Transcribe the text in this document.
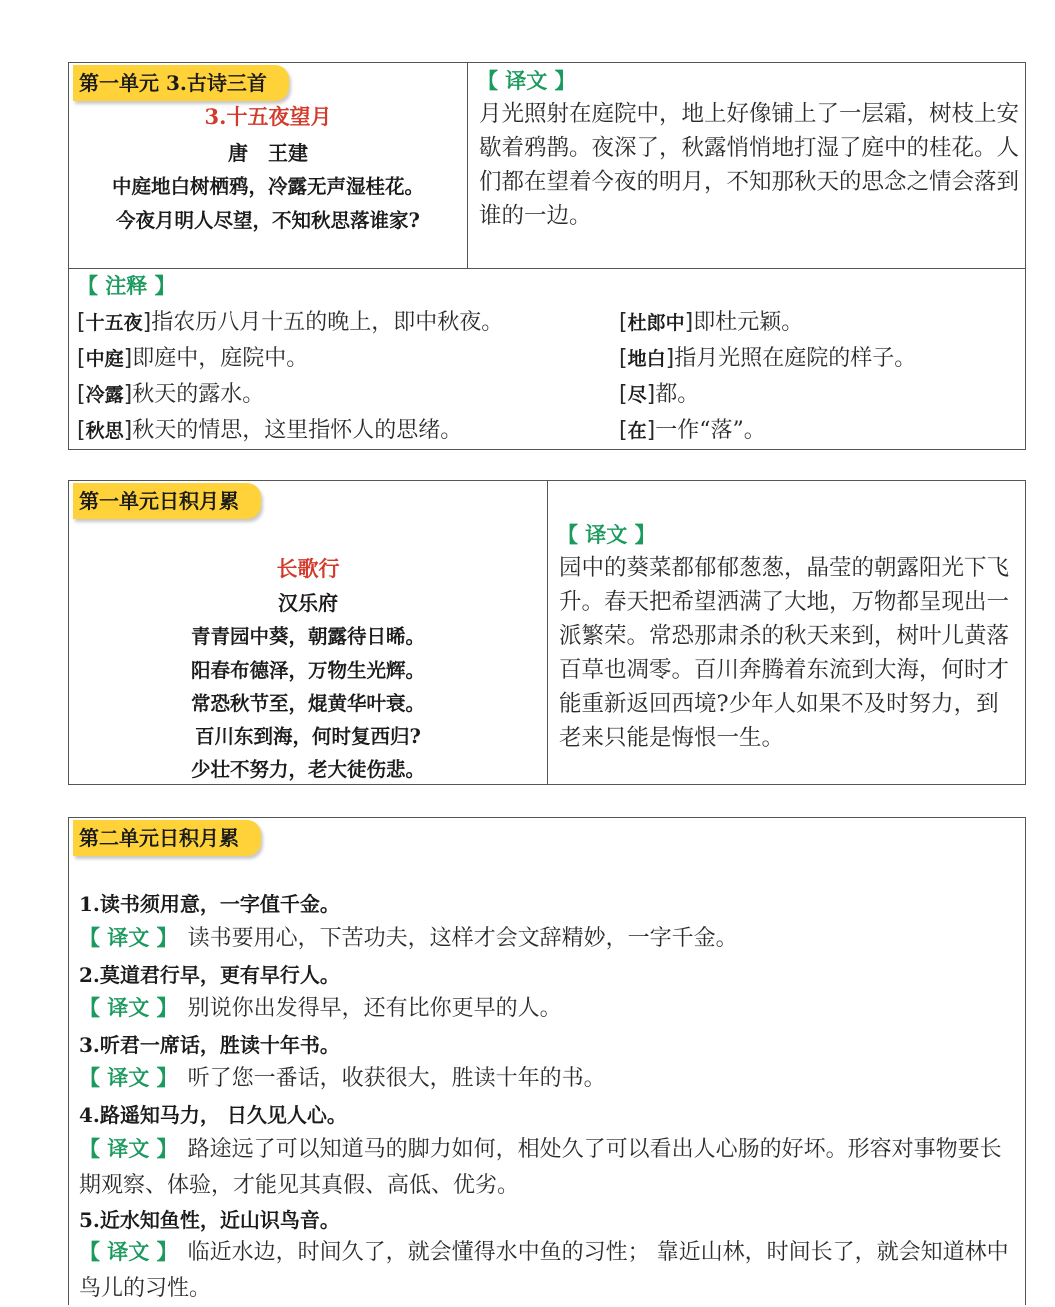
第一单元 3.古诗三首
3.十五夜望月
唐　王建
中庭地白树栖鸦，冷露无声湿桂花。
今夜月明人尽望，不知秋思落谁家?
【 译文 】
月光照射在庭院中，地上好像铺上了一层霜，树枝上安歇着鸦鹊。夜深了，秋露悄悄地打湿了庭中的桂花。人们都在望着今夜的明月，不知那秋天的思念之情会落到谁的一边。
【 注释 】
[十五夜]指农历八月十五的晚上，即中秋夜。	[杜郎中]即杜元颖。
[中庭]即庭中，庭院中。	[地白]指月光照在庭院的样子。
[冷露]秋天的露水。	[尽]都。
[秋思]秋天的情思，这里指怀人的思绪。	[在]一作“落”。
第一单元日积月累
长歌行
汉乐府
青青园中葵，朝露待日晞。
阳春布德泽，万物生光辉。
常恐秋节至，焜黄华叶衰。
百川东到海，何时复西归?
少壮不努力，老大徒伤悲。
【 译文 】
园中的葵菜都郁郁葱葱，晶莹的朝露阳光下飞升。春天把希望洒满了大地，万物都呈现出一派繁荣。常恐那肃杀的秋天来到，树叶儿黄落百草也凋零。百川奔腾着东流到大海，何时才能重新返回西境?少年人如果不及时努力，到老来只能是悔恨一生。
第二单元日积月累
1.读书须用意，一字值千金。
【 译文 】 读书要用心，下苦功夫，这样才会文辞精妙，一字千金。
2.莫道君行早，更有早行人。
【 译文 】 别说你出发得早，还有比你更早的人。
3.听君一席话，胜读十年书。
【 译文 】 听了您一番话，收获很大，胜读十年的书。
4.路遥知马力， 日久见人心。
【 译文 】 路途远了可以知道马的脚力如何，相处久了可以看出人心肠的好坏。形容对事物要长期观察、体验，才能见其真假、高低、优劣。
5.近水知鱼性，近山识鸟音。
【 译文 】 临近水边，时间久了，就会懂得水中鱼的习性； 靠近山林，时间长了，就会知道林中鸟儿的习性。
